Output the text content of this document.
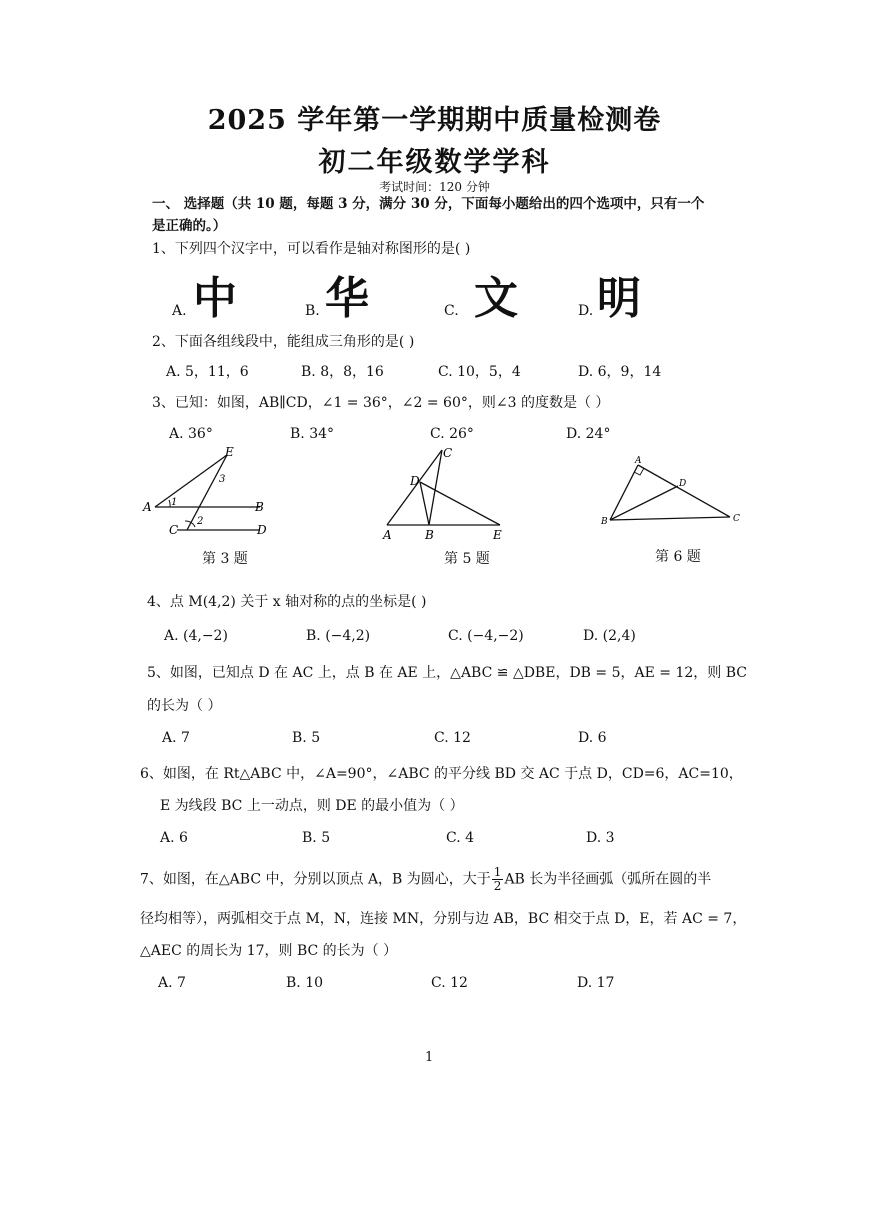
2025 学年第一学期期中质量检测卷
初二年级数学学科
考试时间：120 分钟
一、 选择题（共 10 题，每题 3 分，满分 30 分，下面每小题给出的四个选项中，只有一个是正确的。）
1、下列四个汉字中，可以看作是轴对称图形的是( )
A. 中	B. 华	C. 文	D. 明
2、下面各组线段中，能组成三角形的是( )
A. 5，11，6	B. 8，8，16	C. 10，5，4	D. 6，9，14
3、已知：如图，AB∥CD，∠1 = 36°，∠2 = 60°，则∠3 的度数是（ ）
A. 36°	B. 34°	C. 26°	D. 24°
E
A	B
C	D
1
2
3
第 3 题
C
D
A	B	E
第 5 题
A
D
B	C
第 6 题
4、点 M(4,2) 关于 x 轴对称的点的坐标是( )
A. (4,−2)	B. (−4,2)	C. (−4,−2)	D. (2,4)
5、如图，已知点 D 在 AC 上，点 B 在 AE 上，△ABC ≌ △DBE，DB = 5，AE = 12，则 BC
的长为（ ）
A. 7	B. 5	C. 12	D. 6
6、如图，在 Rt△ABC 中，∠A=90°，∠ABC 的平分线 BD 交 AC 于点 D，CD=6，AC=10，
E 为线段 BC 上一动点，则 DE 的最小值为（ ）
A. 6	B. 5	C. 4	D. 3
7、如图，在△ABC 中，分别以顶点 A，B 为圆心，大于 $\frac{1}{2}$ AB 长为半径画弧（弧所在圆的半
径均相等），两弧相交于点 M，N，连接 MN，分别与边 AB，BC 相交于点 D，E，若 AC = 7，
△AEC 的周长为 17，则 BC 的长为（ ）
A. 7	B. 10	C. 12	D. 17
1
